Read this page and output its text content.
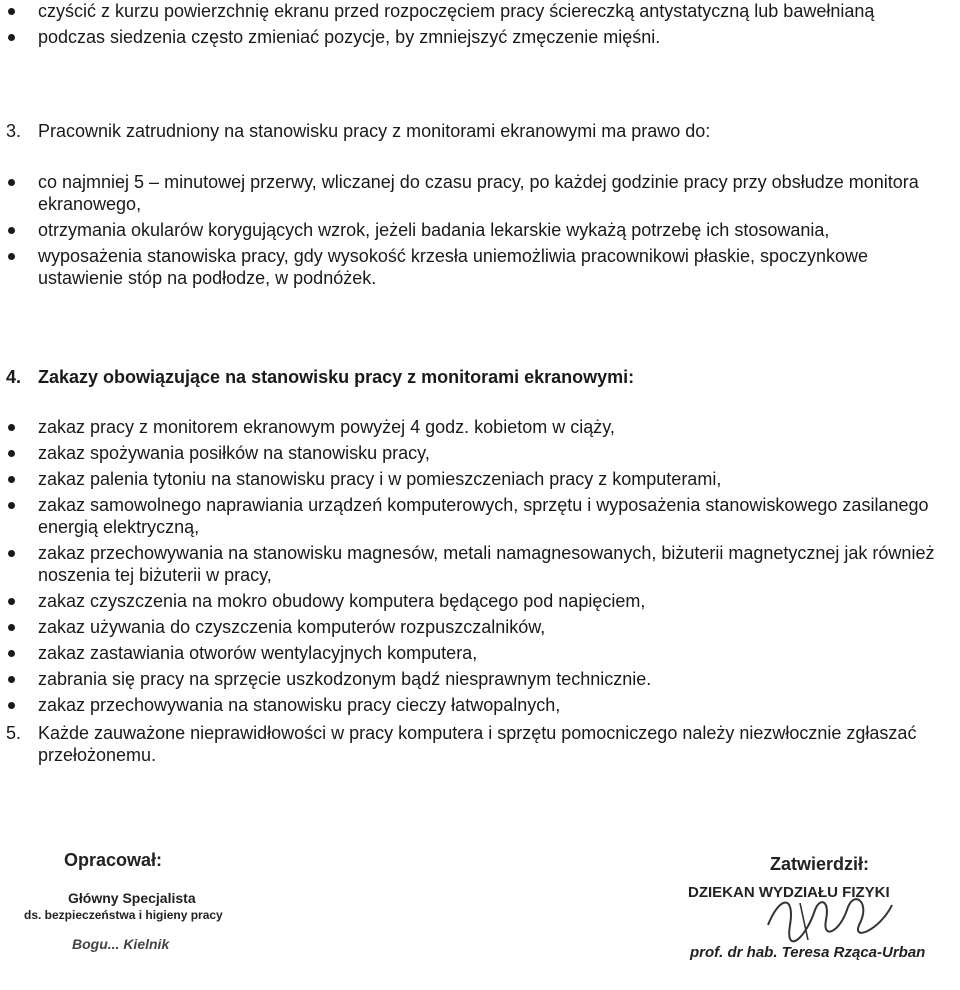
czyścić z kurzu powierzchnię ekranu przed rozpoczęciem pracy ściereczką antystatyczną lub bawełnianą
podczas siedzenia często zmieniać pozycje, by zmniejszyć zmęczenie mięśni.
3. Pracownik zatrudniony na stanowisku pracy z monitorami ekranowymi ma prawo do:
co najmniej 5 – minutowej przerwy, wliczanej do czasu pracy, po każdej godzinie pracy przy obsłudze monitora ekranowego,
otrzymania okularów korygujących wzrok, jeżeli badania lekarskie wykażą potrzebę ich stosowania,
wyposażenia stanowiska pracy, gdy wysokość krzesła uniemożliwia pracownikowi płaskie, spoczynkowe ustawienie stóp na podłodze, w podnóżek.
4. Zakazy obowiązujące na stanowisku pracy z monitorami ekranowymi:
zakaz pracy z monitorem ekranowym powyżej 4 godz. kobietom w ciąży,
zakaz spożywania posiłków na stanowisku pracy,
zakaz palenia tytoniu na stanowisku pracy i w pomieszczeniach pracy z komputerami,
zakaz samowolnego naprawiania urządzeń komputerowych, sprzętu i wyposażenia stanowiskowego zasilanego energią elektryczną,
zakaz przechowywania na stanowisku magnesów, metali namagnesowanych, biżuterii magnetycznej jak również noszenia tej biżuterii w pracy,
zakaz czyszczenia na mokro obudowy komputera będącego pod napięciem,
zakaz używania do czyszczenia komputerów rozpuszczalników,
zakaz zastawiania otworów wentylacyjnych komputera,
zabrania się pracy na sprzęcie uszkodzonym bądź niesprawnym technicznie.
zakaz przechowywania na stanowisku pracy cieczy łatwopalnych,
5. Każde zauważone nieprawidłowości w pracy komputera i sprzętu pomocniczego należy niezwłocznie zgłaszać przełożonemu.
Opracował:
Główny Specjalista
ds. bezpieczeństwa i higieny pracy
Bogu... Kielnik
Zatwierdził:
DZIEKAN WYDZIAŁU FIZYKI
prof. dr hab. Teresa Rząca-Urban
